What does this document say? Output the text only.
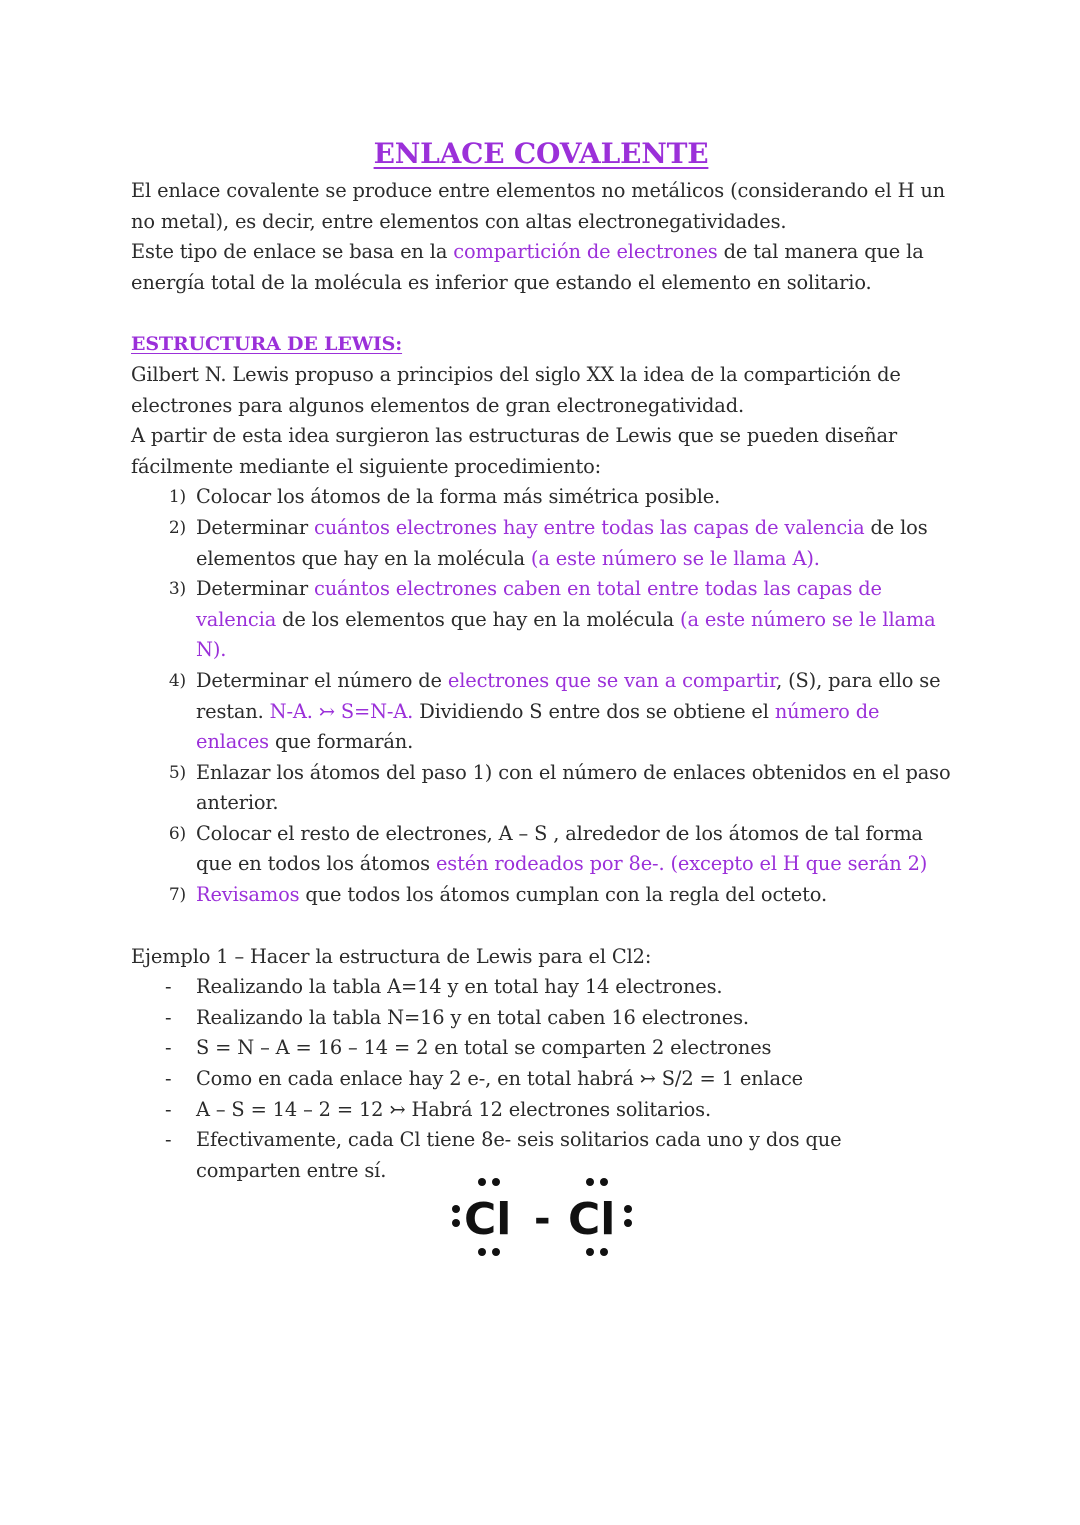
ENLACE COVALENTE

El enlace covalente se produce entre elementos no metálicos (considerando el H un no metal), es decir, entre elementos con altas electronegatividades.

Este tipo de enlace se basa en la compartición de electrones de tal manera que la energía total de la molécula es inferior que estando el elemento en solitario.

ESTRUCTURA DE LEWIS:

Gilbert N. Lewis propuso a principios del siglo XX la idea de la compartición de electrones para algunos elementos de gran electronegatividad.

A partir de esta idea surgieron las estructuras de Lewis que se pueden diseñar fácilmente mediante el siguiente procedimiento:

1) Colocar los átomos de la forma más simétrica posible.
2) Determinar cuántos electrones hay entre todas las capas de valencia de los elementos que hay en la molécula (a este número se le llama A).
3) Determinar cuántos electrones caben en total entre todas las capas de valencia de los elementos que hay en la molécula (a este número se le llama N).
4) Determinar el número de electrones que se van a compartir, (S), para ello se restan. N-A. ↣ S=N-A. Dividiendo S entre dos se obtiene el número de enlaces que formarán.
5) Enlazar los átomos del paso 1) con el número de enlaces obtenidos en el paso anterior.
6) Colocar el resto de electrones, A – S , alrededor de los átomos de tal forma que en todos los átomos estén rodeados por 8e-. (excepto el H que serán 2)
7) Revisamos que todos los átomos cumplan con la regla del octeto.

Ejemplo 1 – Hacer la estructura de Lewis para el Cl2:

- Realizando la tabla A=14 y en total hay 14 electrones.
- Realizando la tabla N=16 y en total caben 16 electrones.
- S = N – A = 16 – 14 = 2 en total se comparten 2 electrones
- Como en cada enlace hay 2 e-, en total habrá ↣ S/2 = 1 enlace
- A – S = 14 – 2 = 12 ↣ Habrá 12 electrones solitarios.
- Efectivamente, cada Cl tiene 8e- seis solitarios cada uno y dos que comparten entre sí.
Cl - Cl
